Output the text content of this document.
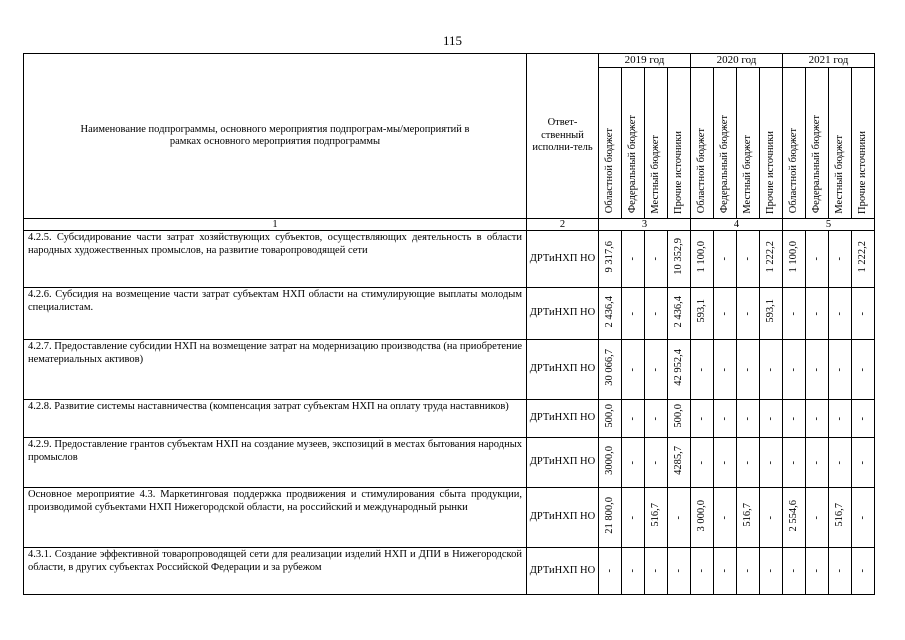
115
Наименование подпрограммы, основного мероприятия подпрограм-мы/мероприятий в рамках основного мероприятия подпрограммы	Ответ-ственный исполни-тель	2019 год				2020 год				2021 год			
		Областной бюджет	Федеральный бюджет	Местный бюджет	Прочие источники	Областной бюджет	Федеральный бюджет	Местный бюджет	Прочие источники	Областной бюджет	Федеральный бюджет	Местный бюджет	Прочие источники
1	2	3				4				5			
4.2.5. Субсидирование части затрат хозяйствующих субъектов, осуществляющих деятельность в области народных художественных промыслов, на развитие товаропроводящей сети	ДРТиНХП НО	9 317,6	-	-	10 352,9	1 100,0	-	-	1 222,2	1 100,0	-	-	1 222,2
4.2.6. Субсидия на возмещение части затрат субъектам НХП области на стимулирующие выплаты молодым специалистам.	ДРТиНХП НО	2 436,4	-	-	2 436,4	593,1	-	-	593,1	-	-	-	-
4.2.7. Предоставление субсидии НХП на возмещение затрат на модернизацию производства (на приобретение нематериальных активов)	ДРТиНХП НО	30 066,7	-	-	42 952,4	-	-	-	-	-	-	-	-
4.2.8. Развитие системы наставничества (компенсация затрат субъектам НХП на оплату труда наставников)	ДРТиНХП НО	500,0	-	-	500,0	-	-	-	-	-	-	-	-
4.2.9. Предоставление грантов субъектам НХП на создание музеев, экспозиций в местах бытования народных промыслов	ДРТиНХП НО	3000,0	-	-	4285,7	-	-	-	-	-	-	-	-
Основное мероприятие 4.3. Маркетинговая поддержка продвижения и стимулирования сбыта продукции, производимой субъектами НХП Нижегородской области, на российский и международный рынки	ДРТиНХП НО	21 800,0	-	516,7	-	3 000,0	-	516,7	-	2 554,6	-	516,7	-
4.3.1. Создание эффективной товаропроводящей сети для реализации изделий НХП и ДПИ в Нижегородской области, в других субъектах Российской Федерации и за рубежом	ДРТиНХП НО	-	-	-	-	-	-	-	-	-	-	-	-
